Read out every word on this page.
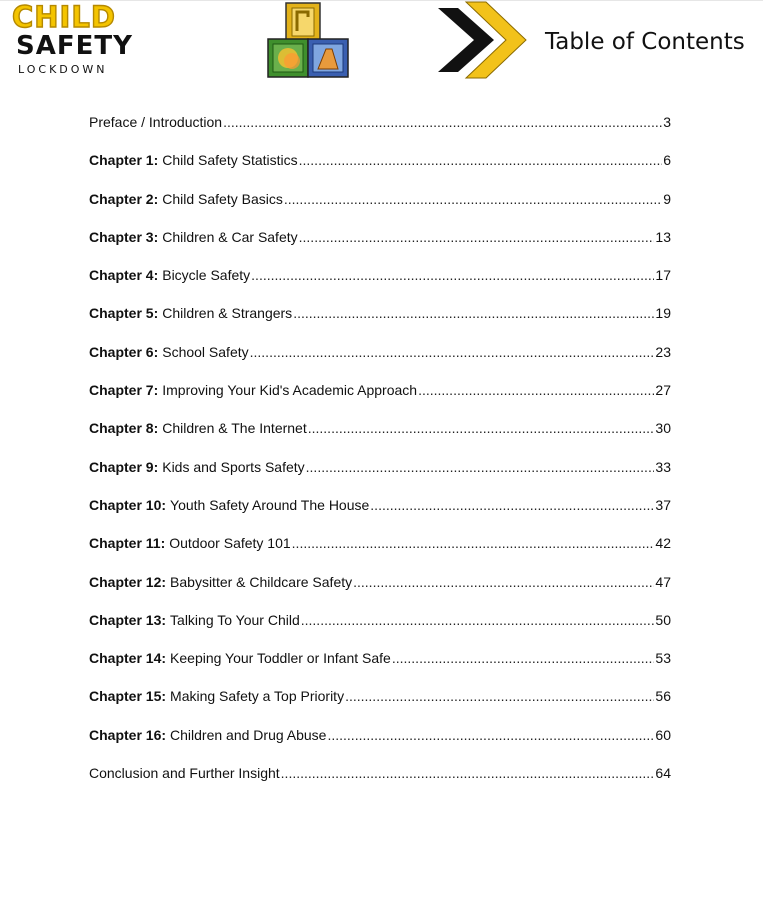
CHILD
SAFETY
LOCKDOWN
Table of Contents
Preface / Introduction .....	3
Chapter 1: Child Safety Statistics .....	6
Chapter 2: Child Safety Basics .....	9
Chapter 3: Children & Car Safety .....	13
Chapter 4: Bicycle Safety .....	17
Chapter 5: Children & Strangers .....	19
Chapter 6: School Safety .....	23
Chapter 7: Improving Your Kid's Academic Approach .....	27
Chapter 8: Children & The Internet .....	30
Chapter 9: Kids and Sports Safety .....	33
Chapter 10: Youth Safety Around The House .....	37
Chapter 11: Outdoor Safety 101 .....	42
Chapter 12: Babysitter & Childcare Safety .....	47
Chapter 13: Talking To Your Child .....	50
Chapter 14: Keeping Your Toddler or Infant Safe .....	53
Chapter 15: Making Safety a Top Priority .....	56
Chapter 16: Children and Drug Abuse .....	60
Conclusion and Further Insight .....	64
